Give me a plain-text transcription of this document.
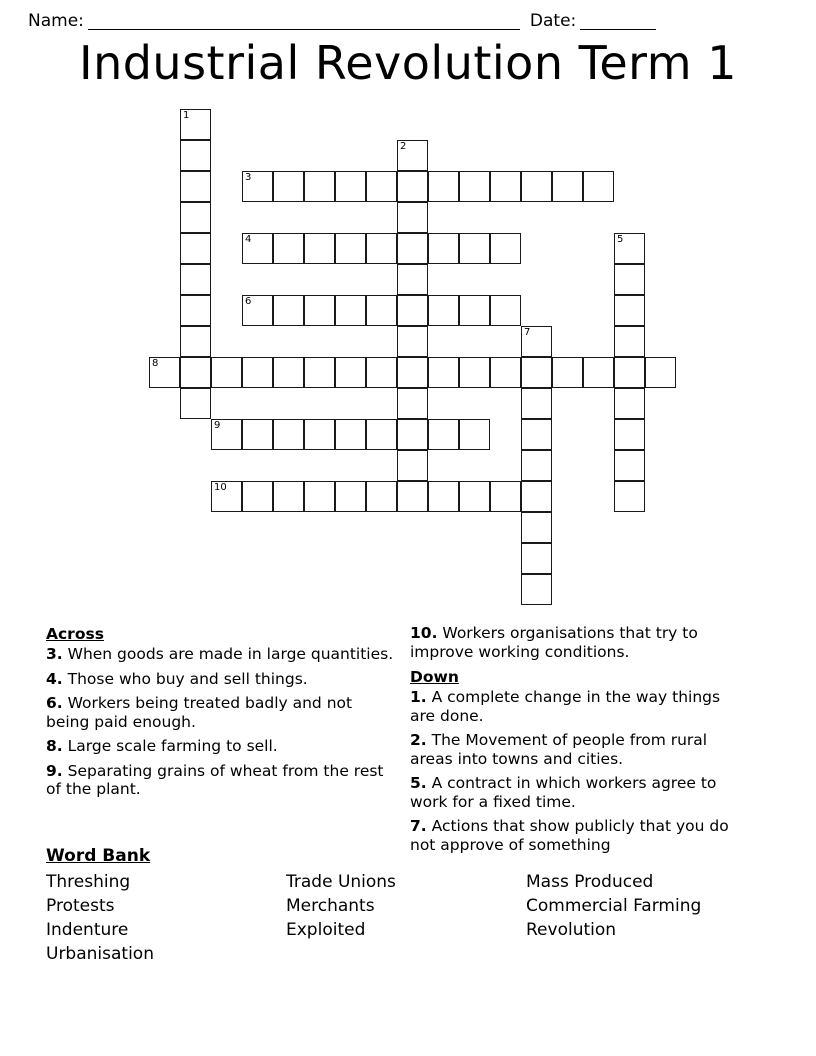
Name:	Date:
Industrial Revolution Term 1
1
2
3
4	5
6
7
8
9
10
Across
3. When goods are made in large quantities.
4. Those who buy and sell things.
6. Workers being treated badly and not being paid enough.
8. Large scale farming to sell.
9. Separating grains of wheat from the rest of the plant.
10. Workers organisations that try to improve working conditions.
Down
1. A complete change in the way things are done.
2. The Movement of people from rural areas into towns and cities.
5. A contract in which workers agree to work for a fixed time.
7. Actions that show publicly that you do not approve of something
Word Bank
Threshing
Protests
Indenture
Urbanisation
Trade Unions
Merchants
Exploited
Mass Produced
Commercial Farming
Revolution
